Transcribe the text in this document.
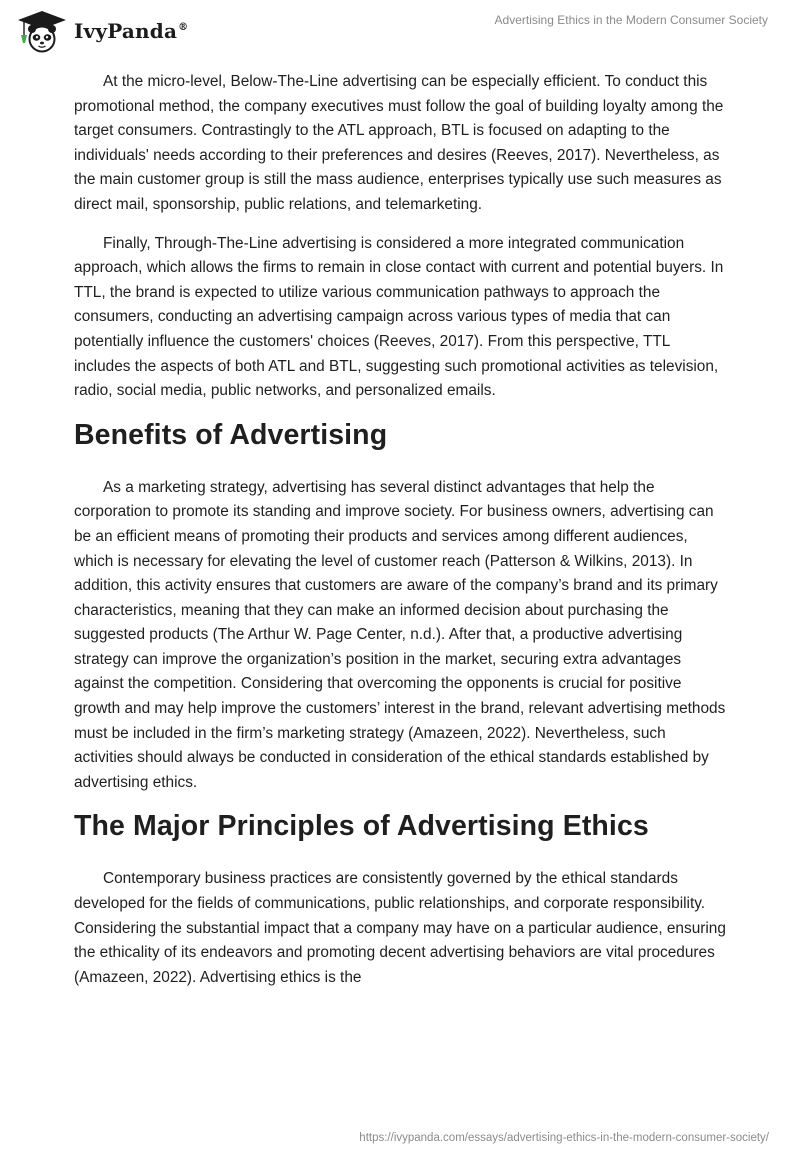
IvyPanda®
Advertising Ethics in the Modern Consumer Society

At the micro-level, Below-The-Line advertising can be especially efficient. To conduct this promotional method, the company executives must follow the goal of building loyalty among the target consumers. Contrastingly to the ATL approach, BTL is focused on adapting to the individuals' needs according to their preferences and desires (Reeves, 2017). Nevertheless, as the main customer group is still the mass audience, enterprises typically use such measures as direct mail, sponsorship, public relations, and telemarketing.

Finally, Through-The-Line advertising is considered a more integrated communication approach, which allows the firms to remain in close contact with current and potential buyers. In TTL, the brand is expected to utilize various communication pathways to approach the consumers, conducting an advertising campaign across various types of media that can potentially influence the customers' choices (Reeves, 2017). From this perspective, TTL includes the aspects of both ATL and BTL, suggesting such promotional activities as television, radio, social media, public networks, and personalized emails.

Benefits of Advertising

As a marketing strategy, advertising has several distinct advantages that help the corporation to promote its standing and improve society. For business owners, advertising can be an efficient means of promoting their products and services among different audiences, which is necessary for elevating the level of customer reach (Patterson & Wilkins, 2013). In addition, this activity ensures that customers are aware of the company’s brand and its primary characteristics, meaning that they can make an informed decision about purchasing the suggested products (The Arthur W. Page Center, n.d.). After that, a productive advertising strategy can improve the organization’s position in the market, securing extra advantages against the competition. Considering that overcoming the opponents is crucial for positive growth and may help improve the customers’ interest in the brand, relevant advertising methods must be included in the firm’s marketing strategy (Amazeen, 2022). Nevertheless, such activities should always be conducted in consideration of the ethical standards established by advertising ethics.

The Major Principles of Advertising Ethics

Contemporary business practices are consistently governed by the ethical standards developed for the fields of communications, public relationships, and corporate responsibility. Considering the substantial impact that a company may have on a particular audience, ensuring the ethicality of its endeavors and promoting decent advertising behaviors are vital procedures (Amazeen, 2022). Advertising ethics is the

https://ivypanda.com/essays/advertising-ethics-in-the-modern-consumer-society/
